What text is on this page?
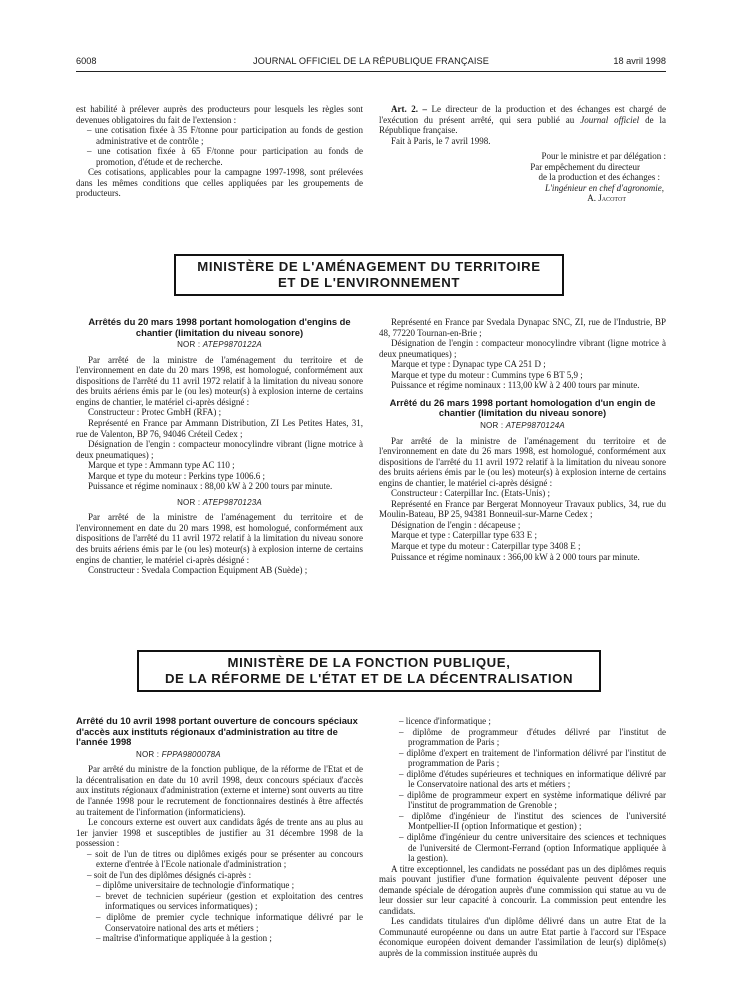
6008	JOURNAL OFFICIEL DE LA RÉPUBLIQUE FRANÇAISE	18 avril 1998

est habilité à prélever auprès des producteurs pour lesquels les règles sont devenues obligatoires du fait de l'extension :

– une cotisation fixée à 35 F/tonne pour participation au fonds de gestion administrative et de contrôle ;

– une cotisation fixée à 65 F/tonne pour participation au fonds de promotion, d'étude et de recherche.

Ces cotisations, applicables pour la campagne 1997-1998, sont prélevées dans les mêmes conditions que celles appliquées par les groupements de producteurs.

Art. 2. – Le directeur de la production et des échanges est chargé de l'exécution du présent arrêté, qui sera publié au Journal officiel de la République française.

Fait à Paris, le 7 avril 1998.

Pour le ministre et par délégation :

Par empêchement du directeur

de la production et des échanges :

L'ingénieur en chef d'agronomie,

A. Jacotot

MINISTÈRE DE L'AMÉNAGEMENT DU TERRITOIRE
ET DE L'ENVIRONNEMENT
Arrêtés du 20 mars 1998 portant homologation d'engins de chantier (limitation du niveau sonore)
NOR : ATEP9870122A

Par arrêté de la ministre de l'aménagement du territoire et de l'environnement en date du 20 mars 1998, est homologué, conformément aux dispositions de l'arrêté du 11 avril 1972 relatif à la limitation du niveau sonore des bruits aériens émis par le (ou les) moteur(s) à explosion interne de certains engins de chantier, le matériel ci-après désigné :

Constructeur : Protec GmbH (RFA) ;

Représenté en France par Ammann Distribution, ZI Les Petites Hates, 31, rue de Valenton, BP 76, 94046 Créteil Cedex ;

Désignation de l'engin : compacteur monocylindre vibrant (ligne motrice à deux pneumatiques) ;

Marque et type : Ammann type AC 110 ;

Marque et type du moteur : Perkins type 1006.6 ;

Puissance et régime nominaux : 88,00 kW à 2 200 tours par minute.

NOR : ATEP9870123A

Par arrêté de la ministre de l'aménagement du territoire et de l'environnement en date du 20 mars 1998, est homologué, conformément aux dispositions de l'arrêté du 11 avril 1972 relatif à la limitation du niveau sonore des bruits aériens émis par le (ou les) moteur(s) à explosion interne de certains engins de chantier, le matériel ci-après désigné :

Constructeur : Svedala Compaction Equipment AB (Suède) ;

Représenté en France par Svedala Dynapac SNC, ZI, rue de l'Industrie, BP 48, 77220 Tournan-en-Brie ;

Désignation de l'engin : compacteur monocylindre vibrant (ligne motrice à deux pneumatiques) ;

Marque et type : Dynapac type CA 251 D ;

Marque et type du moteur : Cummins type 6 BT 5,9 ;

Puissance et régime nominaux : 113,00 kW à 2 400 tours par minute.

Arrêté du 26 mars 1998 portant homologation d'un engin de chantier (limitation du niveau sonore)
NOR : ATEP9870124A

Par arrêté de la ministre de l'aménagement du territoire et de l'environnement en date du 26 mars 1998, est homologué, conformément aux dispositions de l'arrêté du 11 avril 1972 relatif à la limitation du niveau sonore des bruits aériens émis par le (ou les) moteur(s) à explosion interne de certains engins de chantier, le matériel ci-après désigné :

Constructeur : Caterpillar Inc. (Etats-Unis) ;

Représenté en France par Bergerat Monnoyeur Travaux publics, 34, rue du Moulin-Bateau, BP 25, 94381 Bonneuil-sur-Marne Cedex ;

Désignation de l'engin : décapeuse ;

Marque et type : Caterpillar type 633 E ;

Marque et type du moteur : Caterpillar type 3408 E ;

Puissance et régime nominaux : 366,00 kW à 2 000 tours par minute.

MINISTÈRE DE LA FONCTION PUBLIQUE,
DE LA RÉFORME DE L'ÉTAT ET DE LA DÉCENTRALISATION
Arrêté du 10 avril 1998 portant ouverture de concours spéciaux d'accès aux instituts régionaux d'administration au titre de l'année 1998
NOR : FPPA9800078A

Par arrêté du ministre de la fonction publique, de la réforme de l'Etat et de la décentralisation en date du 10 avril 1998, deux concours spéciaux d'accès aux instituts régionaux d'administration (externe et interne) sont ouverts au titre de l'année 1998 pour le recrutement de fonctionnaires destinés à être affectés au traitement de l'information (informaticiens).

Le concours externe est ouvert aux candidats âgés de trente ans au plus au 1er janvier 1998 et susceptibles de justifier au 31 décembre 1998 de la possession :

– soit de l'un de titres ou diplômes exigés pour se présenter au concours externe d'entrée à l'Ecole nationale d'administration ;

– soit de l'un des diplômes désignés ci-après :

– diplôme universitaire de technologie d'informatique ;

– brevet de technicien supérieur (gestion et exploitation des centres informatiques ou services informatiques) ;

– diplôme de premier cycle technique informatique délivré par le Conservatoire national des arts et métiers ;

– maîtrise d'informatique appliquée à la gestion ;

– licence d'informatique ;

– diplôme de programmeur d'études délivré par l'institut de programmation de Paris ;

– diplôme d'expert en traitement de l'information délivré par l'institut de programmation de Paris ;

– diplôme d'études supérieures et techniques en informatique délivré par le Conservatoire national des arts et métiers ;

– diplôme de programmeur expert en système informatique délivré par l'institut de programmation de Grenoble ;

– diplôme d'ingénieur de l'institut des sciences de l'université Montpellier-II (option Informatique et gestion) ;

– diplôme d'ingénieur du centre universitaire des sciences et techniques de l'université de Clermont-Ferrand (option Informatique appliquée à la gestion).

A titre exceptionnel, les candidats ne possédant pas un des diplômes requis mais pouvant justifier d'une formation équivalente peuvent déposer une demande spéciale de dérogation auprès d'une commission qui statue au vu de leur dossier sur leur capacité à concourir. La commission peut entendre les candidats.

Les candidats titulaires d'un diplôme délivré dans un autre Etat de la Communauté européenne ou dans un autre Etat partie à l'accord sur l'Espace économique européen doivent demander l'assimilation de leur(s) diplôme(s) auprès de la commission instituée auprès du
